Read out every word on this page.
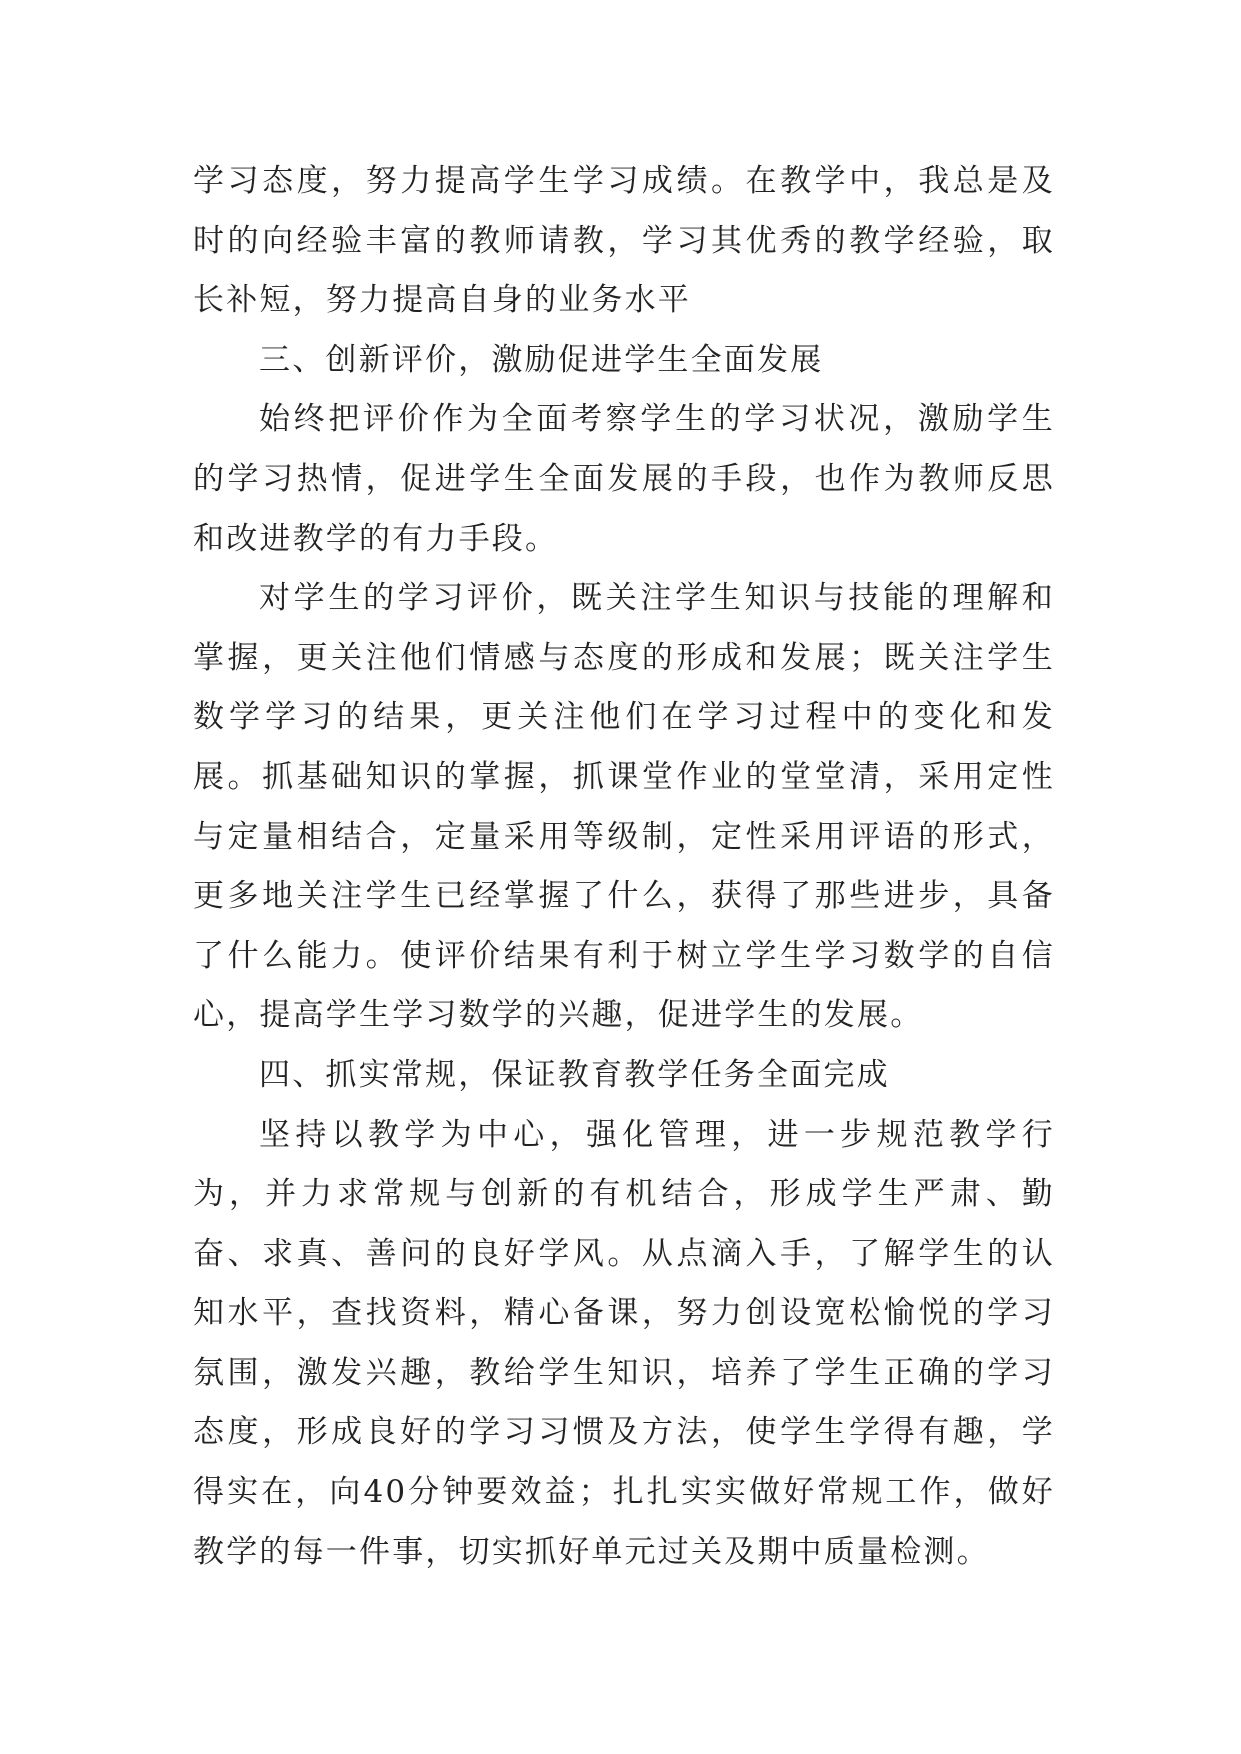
学习态度，努力提高学生学习成绩。在教学中，我总是及时的向经验丰富的教师请教，学习其优秀的教学经验，取长补短，努力提高自身的业务水平

三、创新评价，激励促进学生全面发展

始终把评价作为全面考察学生的学习状况，激励学生的学习热情，促进学生全面发展的手段，也作为教师反思和改进教学的有力手段。

对学生的学习评价，既关注学生知识与技能的理解和掌握，更关注他们情感与态度的形成和发展；既关注学生数学学习的结果，更关注他们在学习过程中的变化和发展。抓基础知识的掌握，抓课堂作业的堂堂清，采用定性与定量相结合，定量采用等级制，定性采用评语的形式，更多地关注学生已经掌握了什么，获得了那些进步，具备了什么能力。使评价结果有利于树立学生学习数学的自信心，提高学生学习数学的兴趣，促进学生的发展。

四、抓实常规，保证教育教学任务全面完成

坚持以教学为中心，强化管理，进一步规范教学行为，并力求常规与创新的有机结合，形成学生严肃、勤奋、求真、善问的良好学风。从点滴入手，了解学生的认知水平，查找资料，精心备课，努力创设宽松愉悦的学习氛围，激发兴趣，教给学生知识，培养了学生正确的学习态度，形成良好的学习习惯及方法，使学生学得有趣，学得实在，向40分钟要效益；扎扎实实做好常规工作，做好教学的每一件事，切实抓好单元过关及期中质量检测。
